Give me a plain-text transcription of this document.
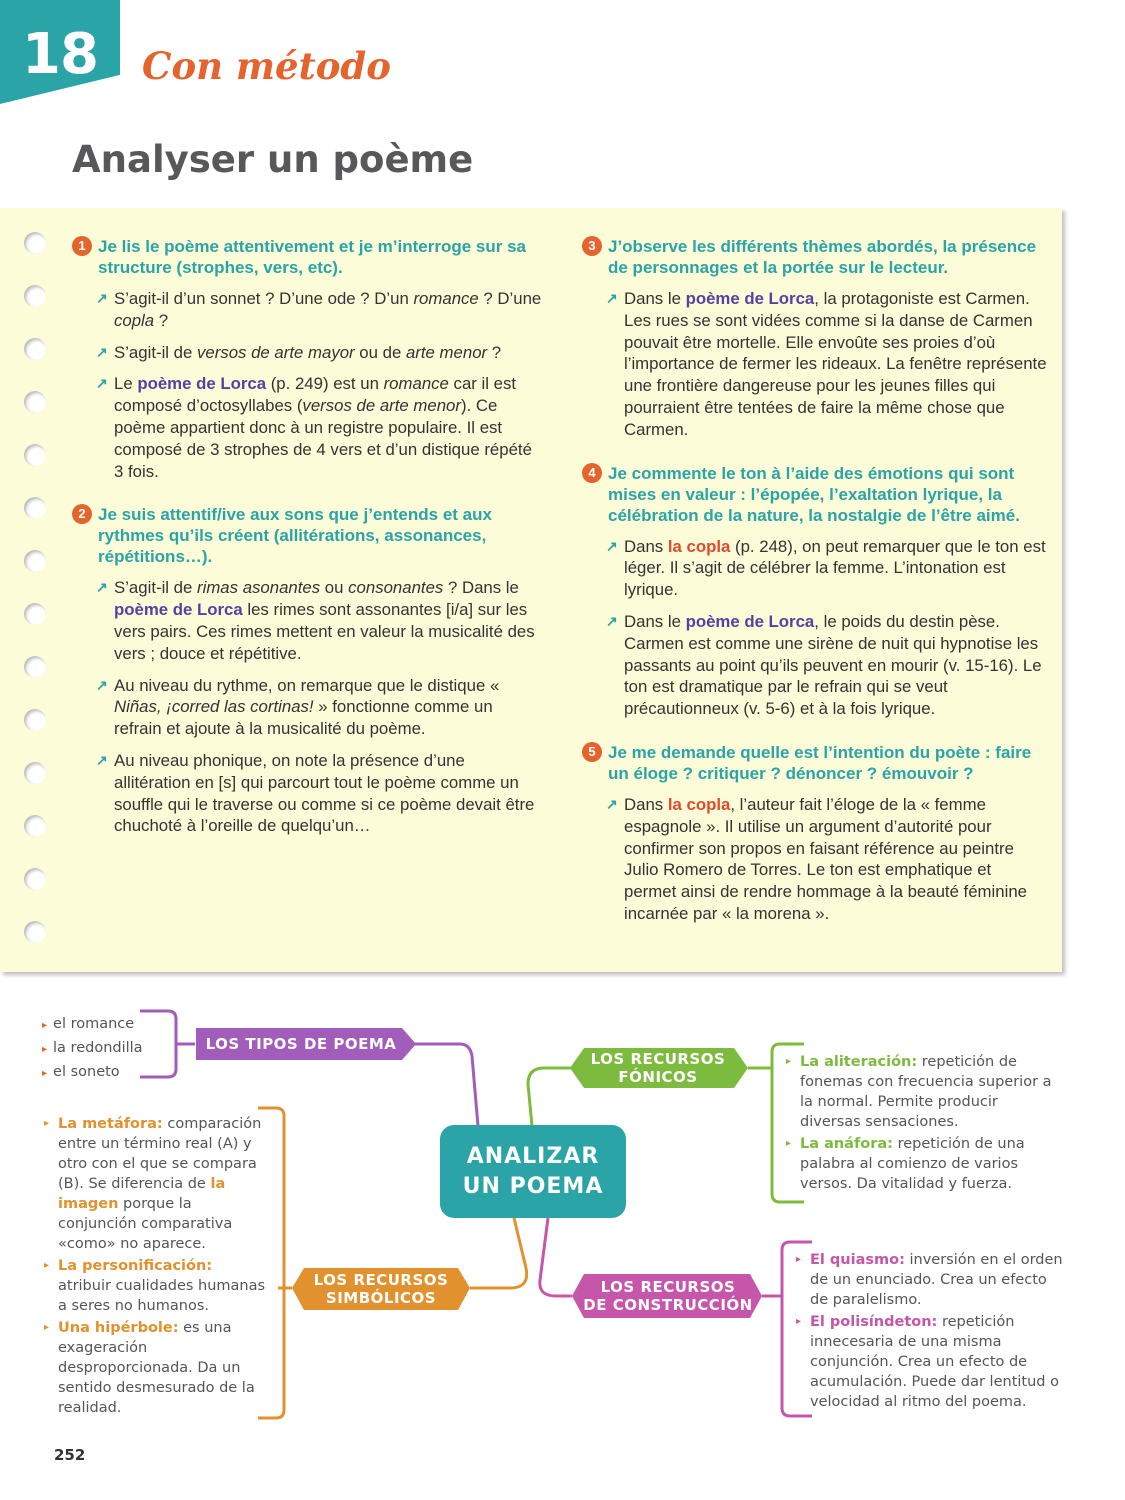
18 Con método
Analyser un poème
1 Je lis le poème attentivement et je m’interroge sur sa structure (strophes, vers, etc).
↗ S’agit-il d’un sonnet ? D’une ode ? D’un romance ? D’une copla ?
↗ S’agit-il de versos de arte mayor ou de arte menor ?
↗ Le poème de Lorca (p. 249) est un romance car il est composé d’octosyllabes (versos de arte menor). Ce poème appartient donc à un registre populaire. Il est composé de 3 strophes de 4 vers et d’un distique répété 3 fois.
2 Je suis attentif/ive aux sons que j’entends et aux rythmes qu’ils créent (allitérations, assonances, répétitions…).
↗ S’agit-il de rimas asonantes ou consonantes ? Dans le poème de Lorca les rimes sont assonantes [i/a] sur les vers pairs. Ces rimes mettent en valeur la musicalité des vers ; douce et répétitive.
↗ Au niveau du rythme, on remarque que le distique « Niñas, ¡corred las cortinas! » fonctionne comme un refrain et ajoute à la musicalité du poème.
↗ Au niveau phonique, on note la présence d’une allitération en [s] qui parcourt tout le poème comme un souffle qui le traverse ou comme si ce poème devait être chuchoté à l’oreille de quelqu’un…
3 J’observe les différents thèmes abordés, la présence de personnages et la portée sur le lecteur.
↗ Dans le poème de Lorca, la protagoniste est Carmen. Les rues se sont vidées comme si la danse de Carmen pouvait être mortelle. Elle envoûte ses proies d’où l’importance de fermer les rideaux. La fenêtre représente une frontière dangereuse pour les jeunes filles qui pourraient être tentées de faire la même chose que Carmen.
4 Je commente le ton à l’aide des émotions qui sont mises en valeur : l’épopée, l’exaltation lyrique, la célébration de la nature, la nostalgie de l’être aimé.
↗ Dans la copla (p. 248), on peut remarquer que le ton est léger. Il s’agit de célébrer la femme. L’intonation est lyrique.
↗ Dans le poème de Lorca, le poids du destin pèse. Carmen est comme une sirène de nuit qui hypnotise les passants au point qu’ils peuvent en mourir (v. 15-16). Le ton est dramatique par le refrain qui se veut précautionneux (v. 5-6) et à la fois lyrique.
5 Je me demande quelle est l’intention du poète : faire un éloge ? critiquer ? dénoncer ? émouvoir ?
↗ Dans la copla, l’auteur fait l’éloge de la « femme espagnole ». Il utilise un argument d’autorité pour confirmer son propos en faisant référence au peintre Julio Romero de Torres. Le ton est emphatique et permet ainsi de rendre hommage à la beauté féminine incarnée par « la morena ».
LOS TIPOS DE POEMA
LOS RECURSOS
FÓNICOS
LOS RECURSOS
SIMBÓLICOS
LOS RECURSOS
DE CONSTRUCCIÓN
ANALIZAR
UN POEMA
▸ el romance
▸ la redondilla
▸ el soneto
▸ La aliteración: repetición de fonemas con frecuencia superior a la normal. Permite producir diversas sensaciones.
▸ La anáfora: repetición de una palabra al comienzo de varios versos. Da vitalidad y fuerza.
▸ La metáfora: comparación entre un término real (A) y otro con el que se compara (B). Se diferencia de la imagen porque la conjunción comparativa «como» no aparece.
▸ La personificación: atribuir cualidades humanas a seres no humanos.
▸ Una hipérbole: es una exageración desproporcionada. Da un sentido desmesurado de la realidad.
▸ El quiasmo: inversión en el orden de un enunciado. Crea un efecto de paralelismo.
▸ El polisíndeton: repetición innecesaria de una misma conjunción. Crea un efecto de acumulación. Puede dar lentitud o velocidad al ritmo del poema.
252
